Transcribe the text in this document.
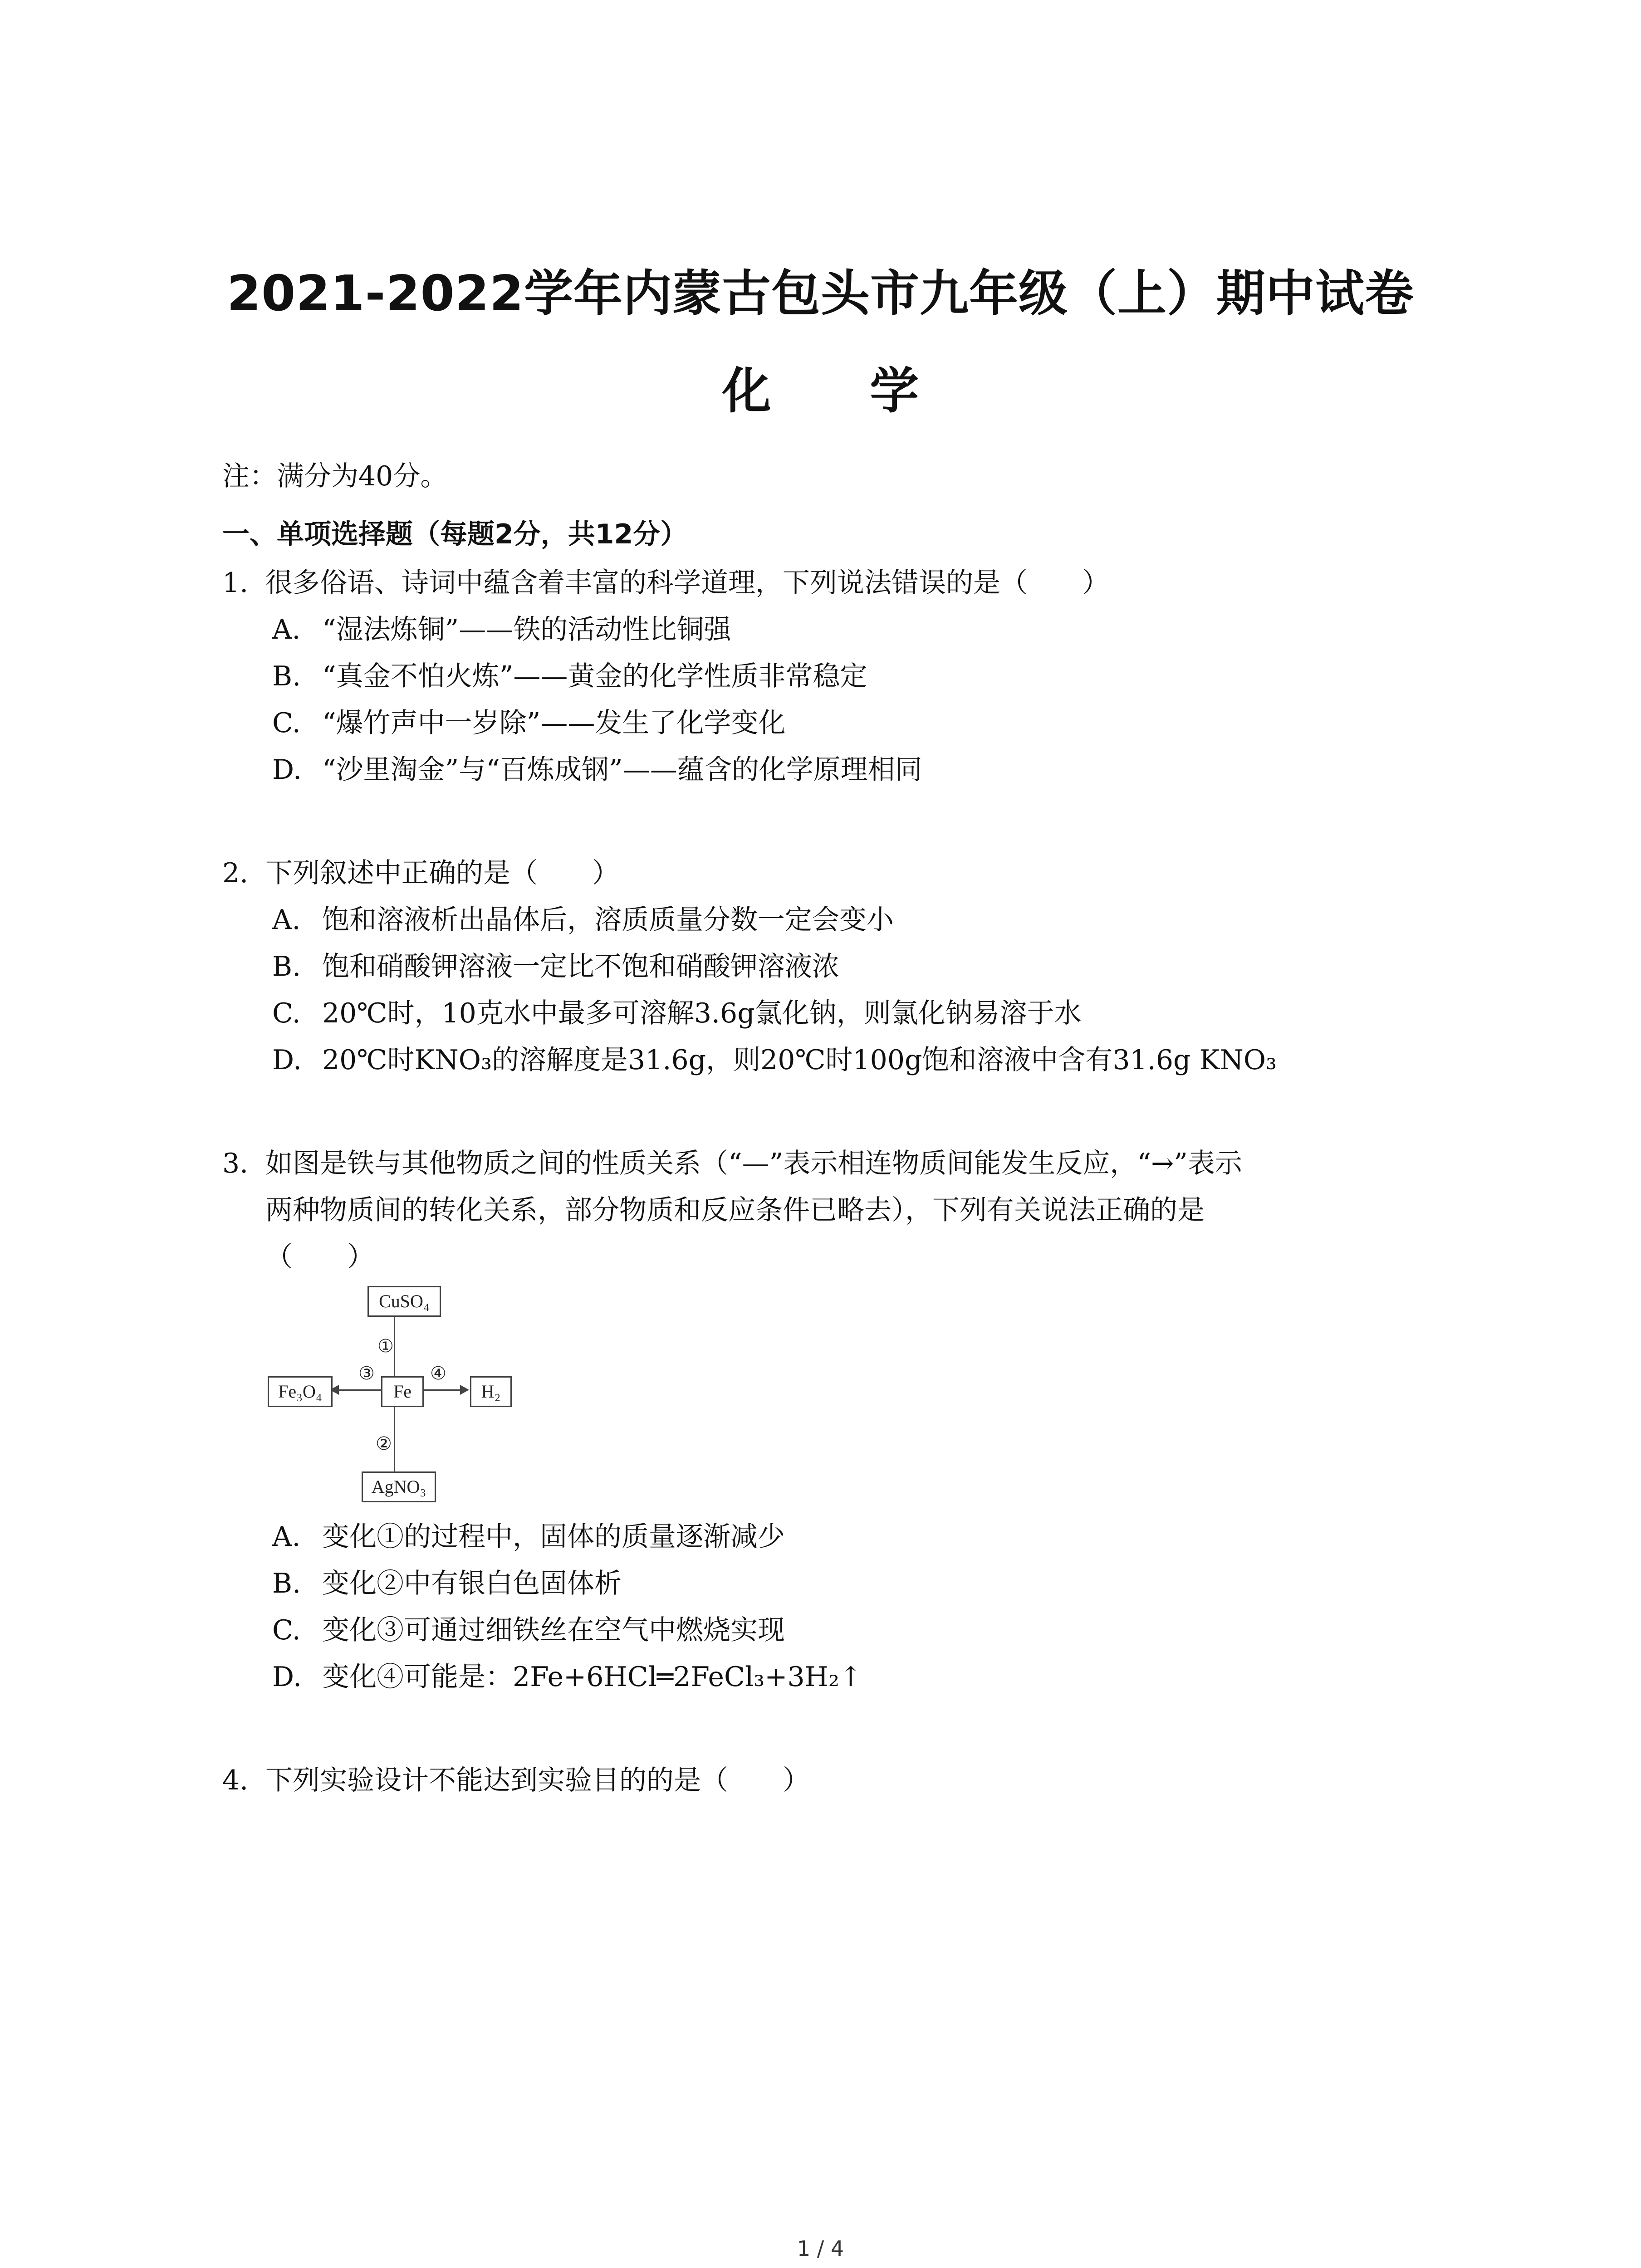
2021-2022学年内蒙古包头市九年级（上）期中试卷
化 学
注：满分为40分。
一、单项选择题（每题2分，共12分）
1. 很多俗语、诗词中蕴含着丰富的科学道理，下列说法错误的是（　　）
A. “湿法炼铜”——铁的活动性比铜强
B. “真金不怕火炼”——黄金的化学性质非常稳定
C. “爆竹声中一岁除”——发生了化学变化
D. “沙里淘金”与“百炼成钢”——蕴含的化学原理相同
2. 下列叙述中正确的是（　　）
A. 饱和溶液析出晶体后，溶质质量分数一定会变小
B. 饱和硝酸钾溶液一定比不饱和硝酸钾溶液浓
C. 20℃时，10克水中最多可溶解3.6g氯化钠，则氯化钠易溶于水
D. 20℃时KNO₃的溶解度是31.6g，则20℃时100g饱和溶液中含有31.6g KNO₃
3. 如图是铁与其他物质之间的性质关系（“—”表示相连物质间能发生反应，“→”表示
两种物质间的转化关系，部分物质和反应条件已略去），下列有关说法正确的是
（　　）
CuSO₄
Fe
Fe₃O₄	H₂
AgNO₃
①
②
③	④
A. 变化①的过程中，固体的质量逐渐减少
B. 变化②中有银白色固体析
C. 变化③可通过细铁丝在空气中燃烧实现
D. 变化④可能是：2Fe+6HCl═2FeCl₃+3H₂↑
4. 下列实验设计不能达到实验目的的是（　　）
1 / 4
